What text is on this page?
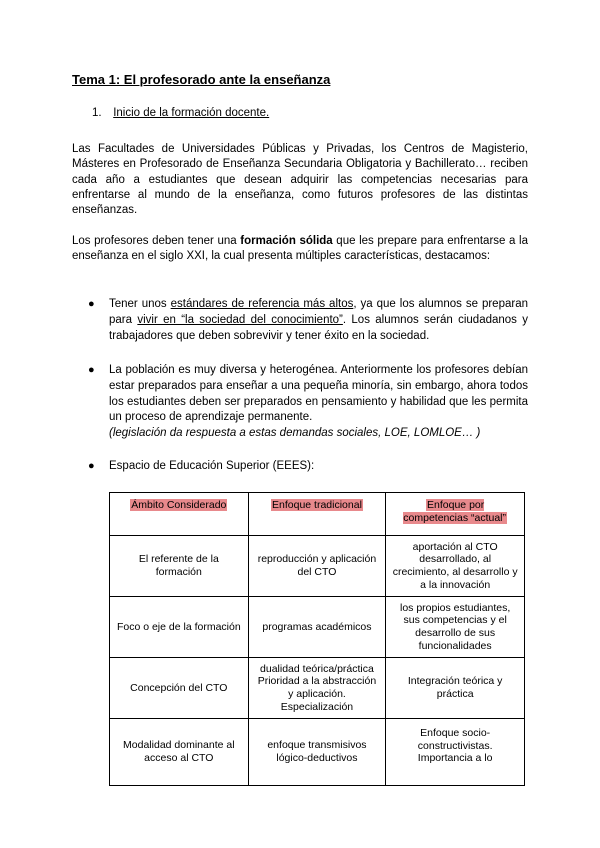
Tema 1: El profesorado ante la enseñanza
1. Inicio de la formación docente.

Las Facultades de Universidades Públicas y Privadas, los Centros de Magisterio, Másteres en Profesorado de Enseñanza Secundaria Obligatoria y Bachillerato… reciben cada año a estudiantes que desean adquirir las competencias necesarias para enfrentarse al mundo de la enseñanza, como futuros profesores de las distintas enseñanzas.

Los profesores deben tener una formación sólida que les prepare para enfrentarse a la enseñanza en el siglo XXI, la cual presenta múltiples características, destacamos:

● Tener unos estándares de referencia más altos, ya que los alumnos se preparan para vivir en “la sociedad del conocimiento”. Los alumnos serán ciudadanos y trabajadores que deben sobrevivir y tener éxito en la sociedad.
● La población es muy diversa y heterogénea. Anteriormente los profesores debían estar preparados para enseñar a una pequeña minoría, sin embargo, ahora todos los estudiantes deben ser preparados en pensamiento y habilidad que les permita un proceso de aprendizaje permanente.
(legislación da respuesta a estas demandas sociales, LOE, LOMLOE… )
● Espacio de Educación Superior (EEES):
Ámbito Considerado	Enfoque tradicional	Enfoque por competencias “actual”
El referente de la formación	reproducción y aplicación del CTO	aportación al CTO desarrollado, al crecimiento, al desarrollo y a la innovación
Foco o eje de la formación	programas académicos	los propios estudiantes, sus competencias y el desarrollo de sus funcionalidades
Concepción del CTO	dualidad teórica/práctica Prioridad a la abstracción y aplicación. Especialización	Integración teórica y práctica
Modalidad dominante al acceso al CTO	enfoque transmisivos lógico-deductivos	Enfoque socio-constructivistas. Importancia a lo
